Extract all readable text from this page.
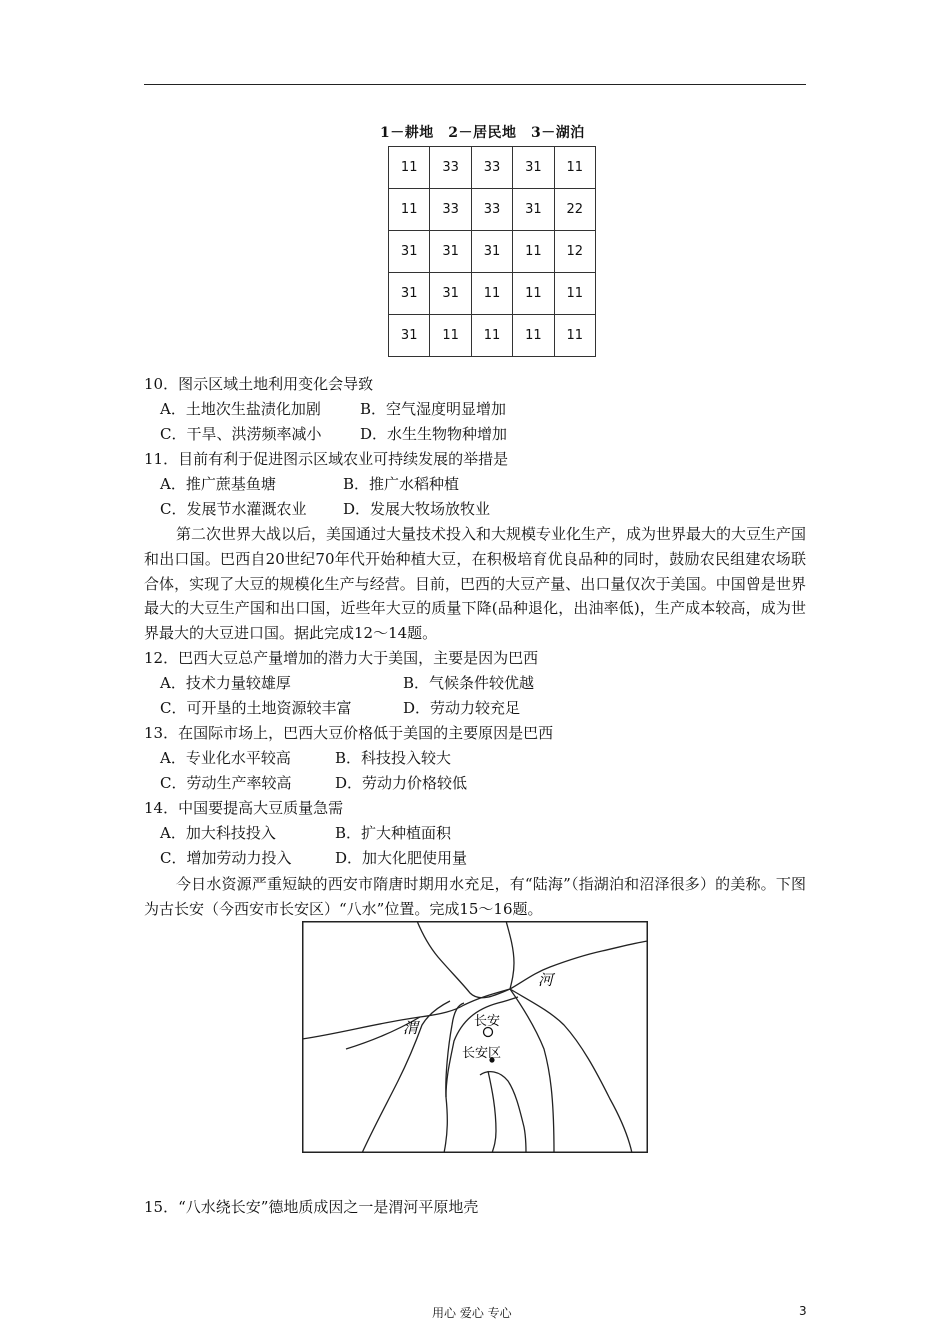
1－耕地　2－居民地　3－湖泊
11	33	33	31	11
11	33	33	31	22
31	31	31	11	12
31	31	11	11	11
31	11	11	11	11
10．图示区域土地利用变化会导致
A．土地次生盐渍化加剧	B．空气湿度明显增加
C．干旱、洪涝频率减小	D．水生生物物种增加
11．目前有利于促进图示区域农业可持续发展的举措是
A．推广蔗基鱼塘	B．推广水稻种植
C．发展节水灌溉农业 D．发展大牧场放牧业
第二次世界大战以后，美国通过大量技术投入和大规模专业化生产，成为世界最大的大豆生产国和出口国。巴西自20世纪70年代开始种植大豆，在积极培育优良品种的同时，鼓励农民组建农场联合体，实现了大豆的规模化生产与经营。目前，巴西的大豆产量、出口量仅次于美国。中国曾是世界最大的大豆生产国和出口国，近些年大豆的质量下降(品种退化，出油率低)，生产成本较高，成为世界最大的大豆进口国。据此完成12～14题。
12．巴西大豆总产量增加的潜力大于美国，主要是因为巴西
A．技术力量较雄厚	B．气候条件较优越
C．可开垦的土地资源较丰富	D．劳动力较充足
13．在国际市场上，巴西大豆价格低于美国的主要原因是巴西
A．专业化水平较高	B．科技投入较大
C．劳动生产率较高	D．劳动力价格较低
14．中国要提高大豆质量急需
A．加大科技投入	B．扩大种植面积
C．增加劳动力投入	D．加大化肥使用量
今日水资源严重短缺的西安市隋唐时期用水充足，有“陆海”（指湖泊和沼泽很多）的美称。下图为古长安（今西安市长安区）“八水”位置。完成15～16题。
河
渭	长安
长安区
15．“八水绕长安”德地质成因之一是渭河平原地壳
用心 爱心 专心	3
